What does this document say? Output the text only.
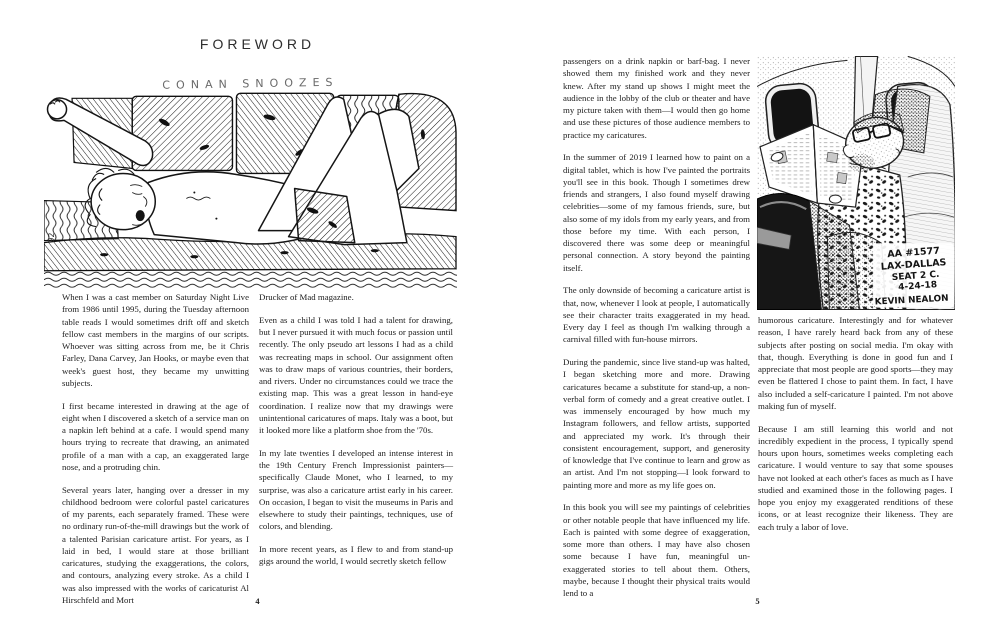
FOREWORD
CONAN SNOOZES
92

When I was a cast member on Saturday Night Live from 1986 until 1995, during the Tuesday afternoon table reads I would sometimes drift off and sketch fellow cast members in the margins of our scripts. Whoever was sitting across from me, be it Chris Farley, Dana Carvey, Jan Hooks, or maybe even that week's guest host, they became my unwitting subjects.

I first became interested in drawing at the age of eight when I discovered a sketch of a service man on a napkin left behind at a cafe. I would spend many hours trying to recreate that drawing, an animated profile of a man with a cap, an exaggerated large nose, and a protruding chin.

Several years later, hanging over a dresser in my childhood bedroom were colorful pastel caricatures of my parents, each separately framed. These were no ordinary run-of-the-mill drawings but the work of a talented Parisian caricature artist. For years, as I laid in bed, I would stare at those brilliant caricatures, studying the exaggerations, the colors, and contours, analyzing every stroke. As a child I was also impressed with the works of caricaturist Al Hirschfeld and Mort

Drucker of Mad magazine.

Even as a child I was told I had a talent for drawing, but I never pursued it with much focus or passion until recently. The only pseudo art lessons I had as a child was recreating maps in school. Our assignment often was to draw maps of various countries, their borders, and rivers. Under no circumstances could we trace the existing map. This was a great lesson in hand-eye coordination. I realize now that my drawings were unintentional caricatures of maps. Italy was a boot, but it looked more like a platform shoe from the '70s.

In my late twenties I developed an intense interest in the 19th Century French Impressionist painters—specifically Claude Monet, who I learned, to my surprise, was also a caricature artist early in his career. On occasion, I began to visit the museums in Paris and elsewhere to study their paintings, techniques, use of colors, and blending.

In more recent years, as I flew to and from stand-up gigs around the world, I would secretly sketch fellow

4

passengers on a drink napkin or barf-bag. I never showed them my finished work and they never knew. After my stand up shows I might meet the audience in the lobby of the club or theater and have my picture taken with them—I would then go home and use these pictures of those audience members to practice my caricatures.

In the summer of 2019 I learned how to paint on a digital tablet, which is how I've painted the portraits you'll see in this book. Though I sometimes drew friends and strangers, I also found myself drawing celebrities—some of my famous friends, sure, but also some of my idols from my early years, and from those before my time. With each person, I discovered there was some deep or meaningful personal connection. A story beyond the painting itself.

The only downside of becoming a caricature artist is that, now, whenever I look at people, I automatically see their character traits exaggerated in my head. Every day I feel as though I'm walking through a carnival filled with fun-house mirrors.

During the pandemic, since live stand-up was halted, I began sketching more and more. Drawing caricatures became a substitute for stand-up, a non-verbal form of comedy and a great creative outlet. I was immensely encouraged by how much my Instagram followers, and fellow artists, supported and appreciated my work. It's through their consistent encouragement, support, and generosity of knowledge that I've continue to learn and grow as an artist. And I'm not stopping—I look forward to painting more and more as my life goes on.

In this book you will see my paintings of celebrities or other notable people that have influenced my life. Each is painted with some degree of exaggeration, some more than others. I may have also chosen some because I have fun, meaningful un-exaggerated stories to tell about them. Others, maybe, because I thought their physical traits would lend to a

AA #1577
LAX-DALLAS
SEAT 2 C.
4-24-18
KEVIN NEALON

humorous caricature. Interestingly and for whatever reason, I have rarely heard back from any of these subjects after posting on social media. I'm okay with that, though. Everything is done in good fun and I appreciate that most people are good sports—they may even be flattered I chose to paint them. In fact, I have also included a self-caricature I painted. I'm not above making fun of myself.

Because I am still learning this world and not incredibly expedient in the process, I typically spend hours upon hours, sometimes weeks completing each caricature. I would venture to say that some spouses have not looked at each other's faces as much as I have studied and examined those in the following pages. I hope you enjoy my exaggerated renditions of these icons, or at least recognize their likeness. They are each truly a labor of love.

5
